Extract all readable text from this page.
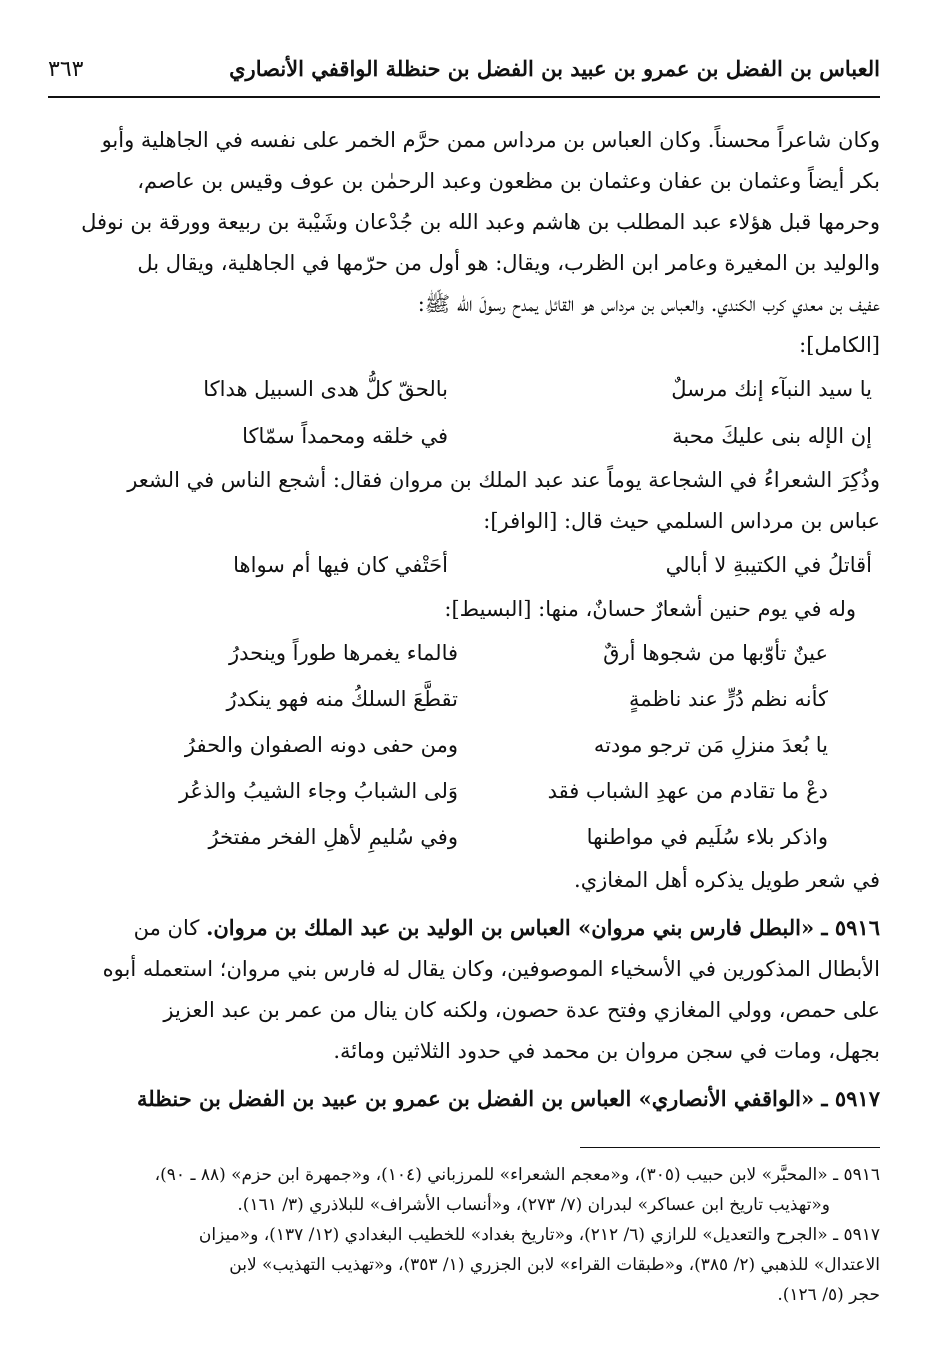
العباس بن الفضل بن عمرو بن عبيد بن الفضل بن حنظلة الواقفي الأنصاري
٣٦٣
وكان شاعراً محسناً. وكان العباس بن مرداس ممن حرَّم الخمر على نفسه في الجاهلية وأبو
بكر أيضاً وعثمان بن عفان وعثمان بن مظعون وعبد الرحمٰن بن عوف وقيس بن عاصم،
وحرمها قبل هؤلاء عبد المطلب بن هاشم وعبد الله بن جُدْعان وشَيْبة بن ربيعة وورقة بن نوفل
والوليد بن المغيرة وعامر ابن الظرب، ويقال: هو أول من حرّمها في الجاهلية، ويقال بل
عفيف بن معدي كرب الكندي. والعباس بن مرداس هو القائل يمدح رسولَ الله ﷺ:
[الكامل]:
يا سيد النبآء إنك مرسلٌ
بالحقّ كلُّ هدى السبيل هداكا
إن الإله بنى عليكَ محبة
في خلقه ومحمداً سمّاكا
وذُكِرَ الشعراءُ في الشجاعة يوماً عند عبد الملك بن مروان فقال: أشجع الناس في الشعر
عباس بن مرداس السلمي حيث قال: [الوافر]:
أقاتلُ في الكتيبةِ لا أبالي
أحَتْفي كان فيها أم سواها
وله في يوم حنين أشعارٌ حسانٌ، منها: [البسيط]:
عينٌ تأوّبها من شجوها أرقٌ
فالماء يغمرها طوراً وينحدرُ
كأنه نظم دُرٍّ عند ناظمةٍ
تقطَّعَ السلكُ منه فهو ينكدرُ
يا بُعدَ منزلِ مَن ترجو مودته
ومن حفى دونه الصفوان والحفرُ
دعْ ما تقادم من عهدِ الشباب فقد
وَلى الشبابُ وجاء الشيبُ والذعُر
واذكر بلاء سُلَيم في مواطنها
وفي سُليمِ لأهلِ الفخر مفتخرُ
في شعر طويل يذكره أهل المغازي.
٥٩١٦ ـ «البطل فارس بني مروان» العباس بن الوليد بن عبد الملك بن مروان. كان من
الأبطال المذكورين في الأسخياء الموصوفين، وكان يقال له فارس بني مروان؛ استعمله أبوه
على حمص، وولي المغازي وفتح عدة حصون، ولكنه كان ينال من عمر بن عبد العزيز
بجهل، ومات في سجن مروان بن محمد في حدود الثلاثين ومائة.
٥٩١٧ ـ «الواقفي الأنصاري» العباس بن الفضل بن عمرو بن عبيد بن الفضل بن حنظلة

٥٩١٦ ـ «المحبَّر» لابن حبيب (٣٠٥)، و«معجم الشعراء» للمرزباني (١٠٤)، و«جمهرة ابن حزم» (٨٨ ـ ٩٠)،

و«تهذيب تاريخ ابن عساكر» لبدران (٧/ ٢٧٣)، و«أنساب الأشراف» للبلاذري (٣/ ١٦١).

٥٩١٧ ـ «الجرح والتعديل» للرازي (٦/ ٢١٢)، و«تاريخ بغداد» للخطيب البغدادي (١٢/ ١٣٧)، و«ميزان

الاعتدال» للذهبي (٢/ ٣٨٥)، و«طبقات القراء» لابن الجزري (١/ ٣٥٣)، و«تهذيب التهذيب» لابن

حجر (٥/ ١٢٦).
